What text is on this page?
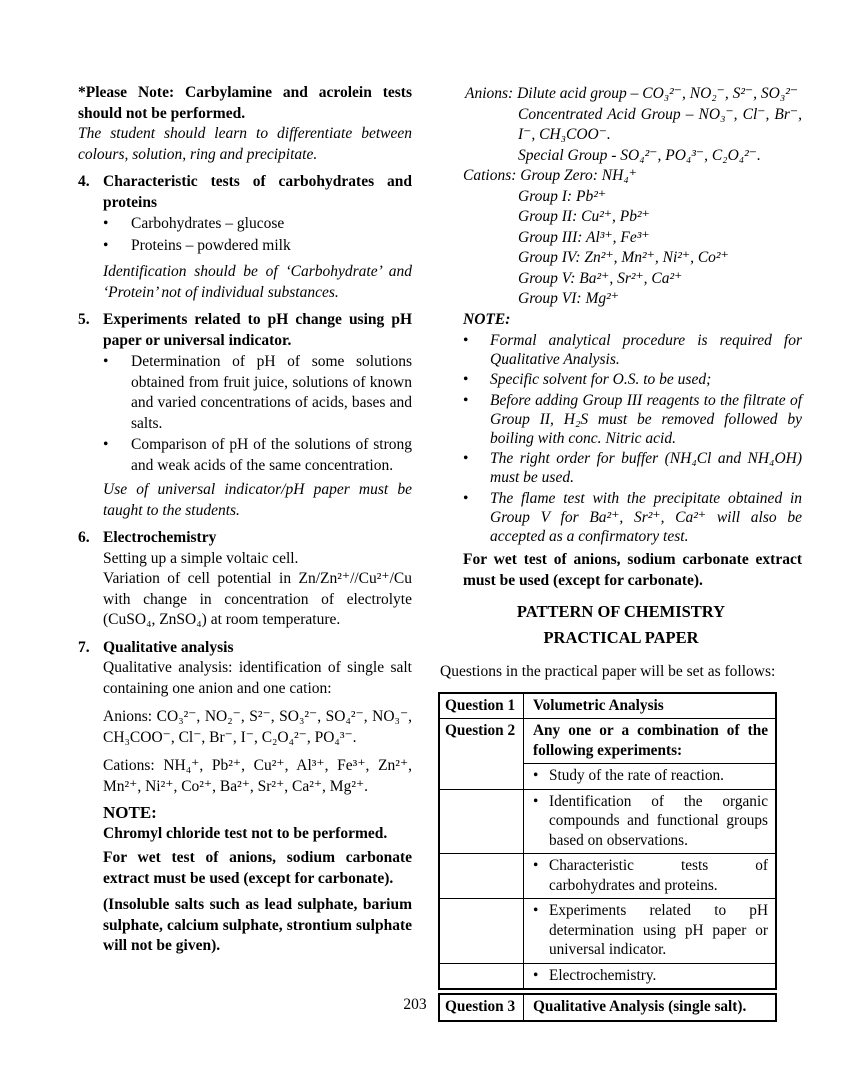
*Please Note: Carbylamine and acrolein tests should not be performed.

The student should learn to differentiate between colours, solution, ring and precipitate.

4. Characteristic tests of carbohydrates and proteins

•	Carbohydrates – glucose
•	Proteins – powdered milk

Identification should be of ‘Carbohydrate’ and ‘Protein’ not of individual substances.

5. Experiments related to pH change using pH paper or universal indicator.

•	Determination of pH of some solutions obtained from fruit juice, solutions of known and varied concentrations of acids, bases and salts.
•	Comparison of pH of the solutions of strong and weak acids of the same concentration.

Use of universal indicator/pH paper must be taught to the students.

6. Electrochemistry

Setting up a simple voltaic cell.

Variation of cell potential in Zn/Zn²⁺//Cu²⁺/Cu with change in concentration of electrolyte (CuSO₄, ZnSO₄) at room temperature.

7. Qualitative analysis

Qualitative analysis: identification of single salt containing one anion and one cation:

Anions: CO₃²⁻, NO₂⁻, S²⁻, SO₃²⁻, SO₄²⁻, NO₃⁻, CH₃COO⁻, Cl⁻, Br⁻, I⁻, C₂O₄²⁻, PO₄³⁻.

Cations: NH₄⁺, Pb²⁺, Cu²⁺, Al³⁺, Fe³⁺, Zn²⁺, Mn²⁺, Ni²⁺, Co²⁺, Ba²⁺, Sr²⁺, Ca²⁺, Mg²⁺.

NOTE:

Chromyl chloride test not to be performed.

For wet test of anions, sodium carbonate extract must be used (except for carbonate).

(Insoluble salts such as lead sulphate, barium sulphate, calcium sulphate, strontium sulphate will not be given).

Anions: Dilute acid group – CO₃²⁻, NO₂⁻, S²⁻, SO₃²⁻

Concentrated Acid Group – NO₃⁻, Cl⁻, Br⁻, I⁻, CH₃COO⁻.

Special Group - SO₄²⁻, PO₄³⁻, C₂O₄²⁻.

Cations: Group Zero: NH₄⁺

Group I: Pb²⁺

Group II: Cu²⁺, Pb²⁺

Group III: Al³⁺, Fe³⁺

Group IV: Zn²⁺, Mn²⁺, Ni²⁺, Co²⁺

Group V: Ba²⁺, Sr²⁺, Ca²⁺

Group VI: Mg²⁺

NOTE:

•	Formal analytical procedure is required for Qualitative Analysis.
•	Specific solvent for O.S. to be used;
•	Before adding Group III reagents to the filtrate of Group II, H₂S must be removed followed by boiling with conc. Nitric acid.
•	The right order for buffer (NH₄Cl and NH₄OH) must be used.
•	The flame test with the precipitate obtained in Group V for Ba²⁺, Sr²⁺, Ca²⁺ will also be accepted as a confirmatory test.

For wet test of anions, sodium carbonate extract must be used (except for carbonate).

PATTERN OF CHEMISTRY

PRACTICAL PAPER

Questions in the practical paper will be set as follows:

Question 1	Volumetric Analysis
Question 2	Any one or a combination of the following experiments:
• Study of the rate of reaction.
• Identification of the organic compounds and functional groups based on observations.
• Characteristic tests of carbohydrates and proteins.
• Experiments related to pH determination using pH paper or universal indicator.
• Electrochemistry.
Question 3	Qualitative Analysis (single salt).
203
